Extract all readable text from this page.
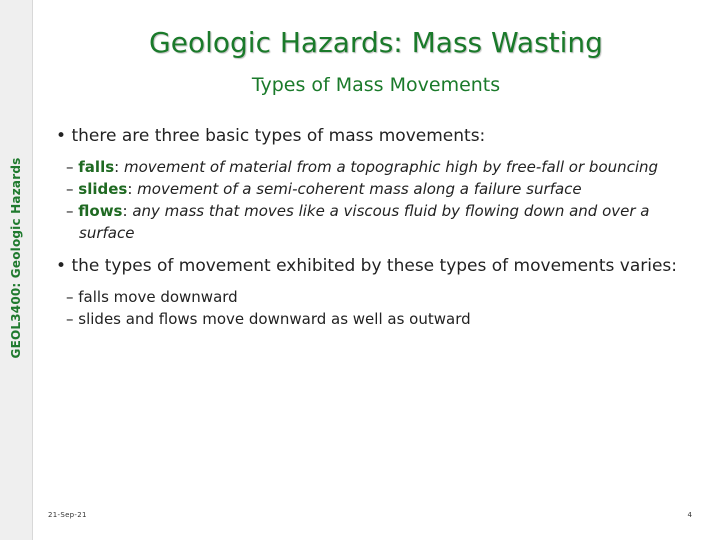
GEOL3400: Geologic Hazards
Geologic Hazards: Mass Wasting
Types of Mass Movements
• there are three basic types of mass movements:
– falls: movement of material from a topographic high by free-fall or bouncing
– slides: movement of a semi-coherent mass along a failure surface
– flows: any mass that moves like a viscous fluid by flowing down and over a surface
• the types of movement exhibited by these types of movements varies:
– falls move downward
– slides and flows move downward as well as outward
21-Sep-21	4
